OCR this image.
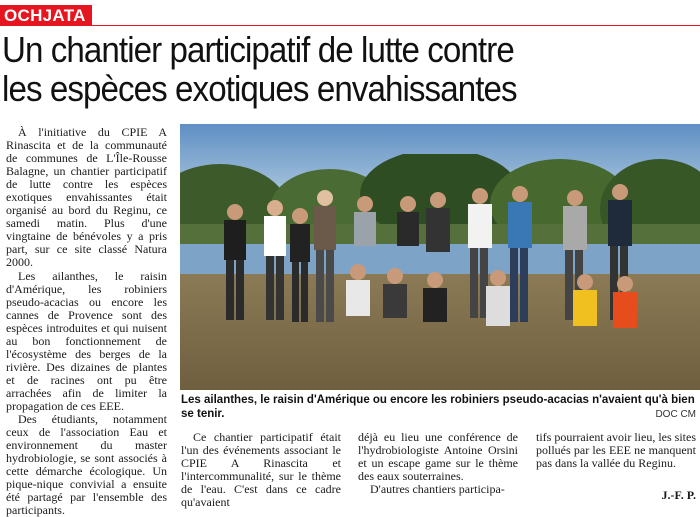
OCHJATA
Un chantier participatif de lutte contre
les espèces exotiques envahissantes

À l'initiative du CPIE A Rinascita et de la communauté de communes de L'Île-Rousse Balagne, un chantier participatif de lutte contre les espèces exotiques envahissantes était organisé au bord du Reginu, ce samedi matin. Plus d'une vingtaine de bénévoles y a pris part, sur ce site classé Natura 2000.

Les ailanthes, le raisin d'Amérique, les robiniers pseudo-acacias ou encore les cannes de Provence sont des espèces introduites et qui nuisent au bon fonctionnement de l'écosystème des berges de la rivière. Des dizaines de plantes et de racines ont pu être arrachées afin de limiter la propagation de ces EEE.

Des étudiants, notamment ceux de l'association Eau et environnement du master hydrobiologie, se sont associés à cette démarche écologique. Un pique-nique convivial a ensuite été partagé par l'ensemble des participants.

Les ailanthes, le raisin d'Amérique ou encore les robiniers pseudo-acacias n'avaient qu'à bien se tenir.	DOC CM

Ce chantier participatif était l'un des événements associant le CPIE A Rinascita et l'intercommunalité, sur le thème de l'eau. C'est dans ce cadre qu'avaient

déjà eu lieu une conférence de l'hydrobiologiste Antoine Orsini et un escape game sur le thème des eaux souterraines.

D'autres chantiers participa-

tifs pourraient avoir lieu, les sites pollués par les EEE ne manquent pas dans la vallée du Reginu.

J.-F. P.
